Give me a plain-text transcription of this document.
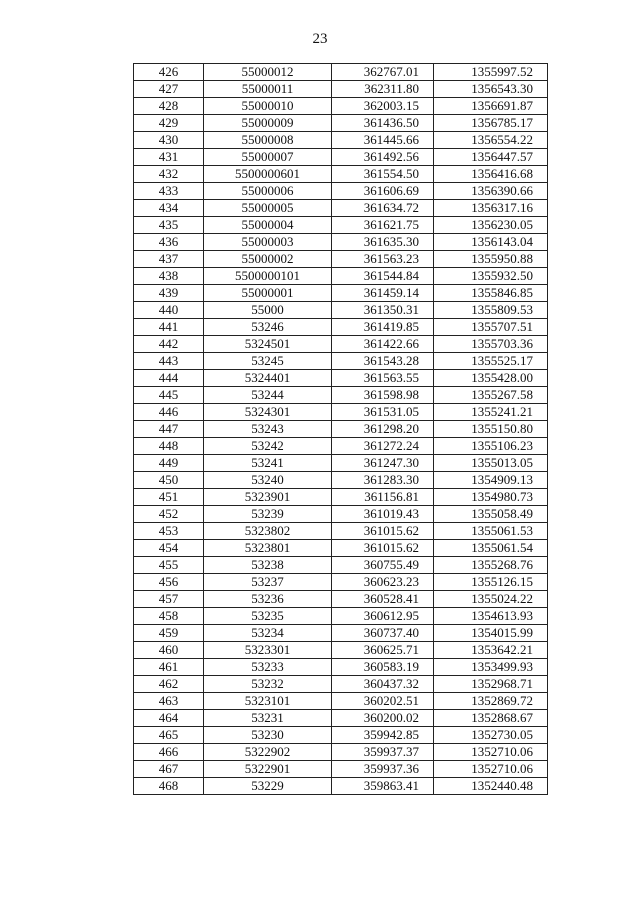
23
426	55000012	362767.01	1355997.52
427	55000011	362311.80	1356543.30
428	55000010	362003.15	1356691.87
429	55000009	361436.50	1356785.17
430	55000008	361445.66	1356554.22
431	55000007	361492.56	1356447.57
432	5500000601	361554.50	1356416.68
433	55000006	361606.69	1356390.66
434	55000005	361634.72	1356317.16
435	55000004	361621.75	1356230.05
436	55000003	361635.30	1356143.04
437	55000002	361563.23	1355950.88
438	5500000101	361544.84	1355932.50
439	55000001	361459.14	1355846.85
440	55000	361350.31	1355809.53
441	53246	361419.85	1355707.51
442	5324501	361422.66	1355703.36
443	53245	361543.28	1355525.17
444	5324401	361563.55	1355428.00
445	53244	361598.98	1355267.58
446	5324301	361531.05	1355241.21
447	53243	361298.20	1355150.80
448	53242	361272.24	1355106.23
449	53241	361247.30	1355013.05
450	53240	361283.30	1354909.13
451	5323901	361156.81	1354980.73
452	53239	361019.43	1355058.49
453	5323802	361015.62	1355061.53
454	5323801	361015.62	1355061.54
455	53238	360755.49	1355268.76
456	53237	360623.23	1355126.15
457	53236	360528.41	1355024.22
458	53235	360612.95	1354613.93
459	53234	360737.40	1354015.99
460	5323301	360625.71	1353642.21
461	53233	360583.19	1353499.93
462	53232	360437.32	1352968.71
463	5323101	360202.51	1352869.72
464	53231	360200.02	1352868.67
465	53230	359942.85	1352730.05
466	5322902	359937.37	1352710.06
467	5322901	359937.36	1352710.06
468	53229	359863.41	1352440.48
